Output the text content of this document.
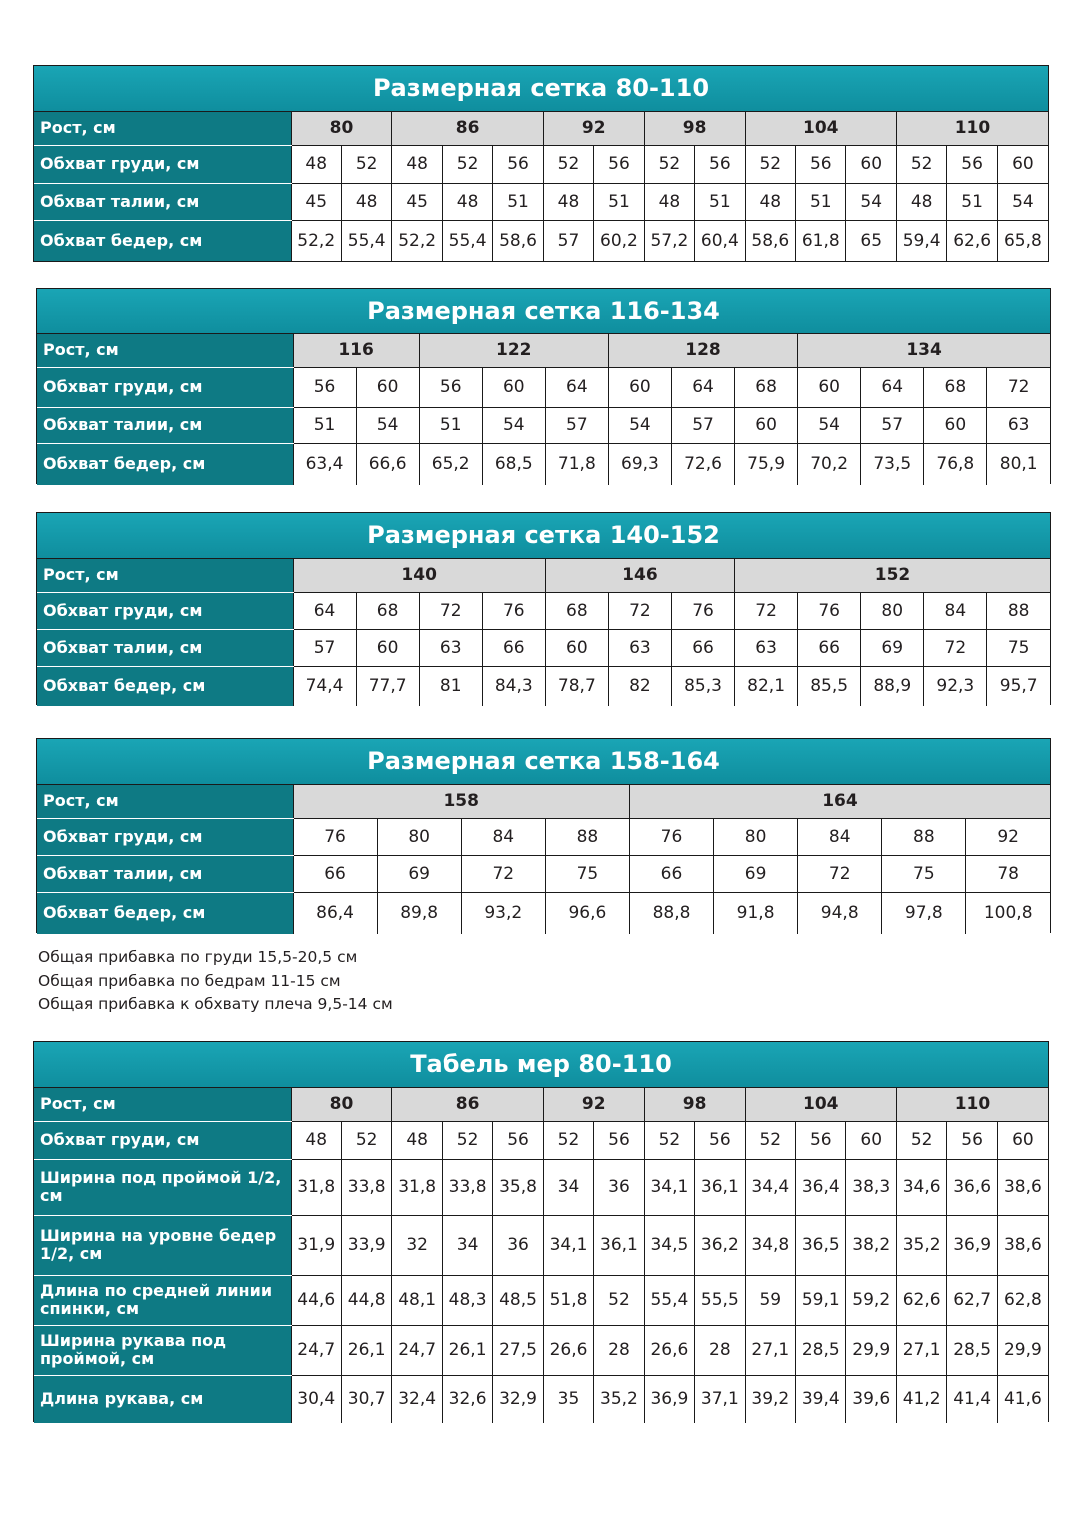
Размерная сетка 80-110															
Рост, см	80		86			92		98		104			110		
Обхват груди, см	48	52	48	52	56	52	56	52	56	52	56	60	52	56	60
Обхват талии, см	45	48	45	48	51	48	51	48	51	48	51	54	48	51	54
Обхват бедер, см	52,2	55,4	52,2	55,4	58,6	57	60,2	57,2	60,4	58,6	61,8	65	59,4	62,6	65,8
Размерная сетка 116-134												
Рост, см	116		122			128			134			
Обхват груди, см	56	60	56	60	64	60	64	68	60	64	68	72
Обхват талии, см	51	54	51	54	57	54	57	60	54	57	60	63
Обхват бедер, см	63,4	66,6	65,2	68,5	71,8	69,3	72,6	75,9	70,2	73,5	76,8	80,1
Размерная сетка 140-152												
Рост, см	140				146			152				
Обхват груди, см	64	68	72	76	68	72	76	72	76	80	84	88
Обхват талии, см	57	60	63	66	60	63	66	63	66	69	72	75
Обхват бедер, см	74,4	77,7	81	84,3	78,7	82	85,3	82,1	85,5	88,9	92,3	95,7
Размерная сетка 158-164									
Рост, см	158				164				
Обхват груди, см	76	80	84	88	76	80	84	88	92
Обхват талии, см	66	69	72	75	66	69	72	75	78
Обхват бедер, см	86,4	89,8	93,2	96,6	88,8	91,8	94,8	97,8	100,8
Общая прибавка по груди 15,5-20,5 см
Общая прибавка по бедрам 11-15 см
Общая прибавка к обхвату плеча 9,5-14 см
Табель мер 80-110															
Рост, см	80		86			92		98		104			110		
Обхват груди, см	48	52	48	52	56	52	56	52	56	52	56	60	52	56	60
Ширина под проймой 1/2, см	31,8	33,8	31,8	33,8	35,8	34	36	34,1	36,1	34,4	36,4	38,3	34,6	36,6	38,6
Ширина на уровне бедер 1/2, см	31,9	33,9	32	34	36	34,1	36,1	34,5	36,2	34,8	36,5	38,2	35,2	36,9	38,6
Длина по средней линии спинки, см	44,6	44,8	48,1	48,3	48,5	51,8	52	55,4	55,5	59	59,1	59,2	62,6	62,7	62,8
Ширина рукава под проймой, см	24,7	26,1	24,7	26,1	27,5	26,6	28	26,6	28	27,1	28,5	29,9	27,1	28,5	29,9
Длина рукава, см	30,4	30,7	32,4	32,6	32,9	35	35,2	36,9	37,1	39,2	39,4	39,6	41,2	41,4	41,6
